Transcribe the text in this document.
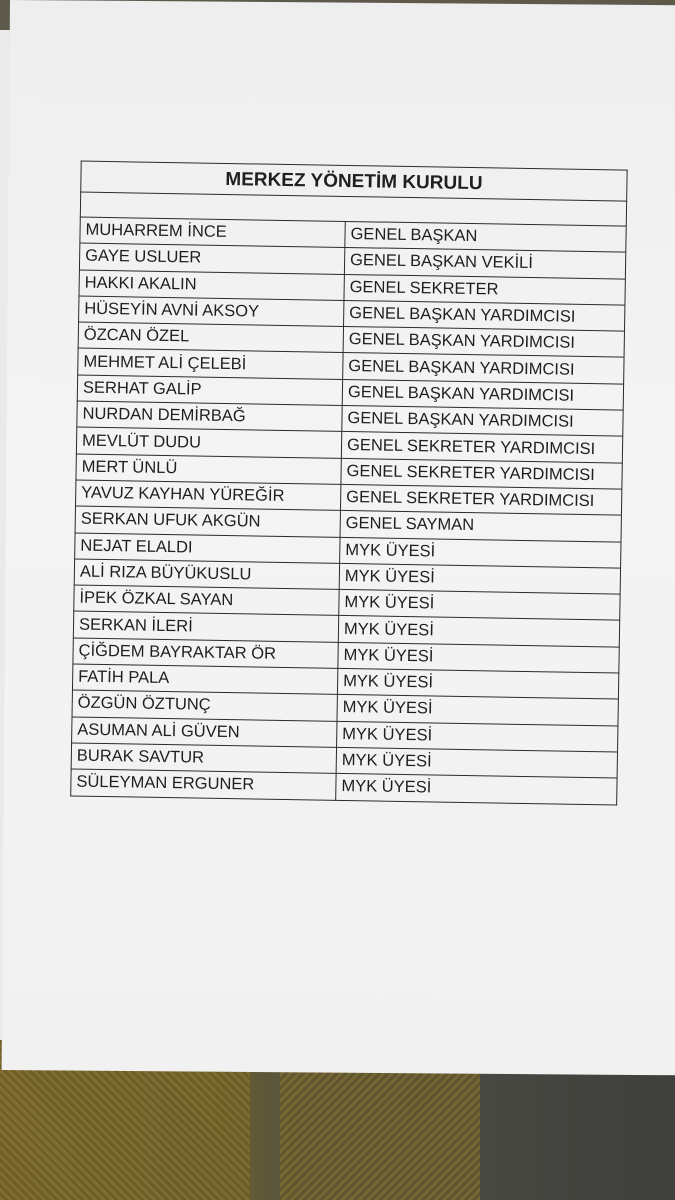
MERKEZ YÖNETİM KURULU	

MUHARREM İNCE	GENEL BAŞKAN
GAYE USLUER	GENEL BAŞKAN VEKİLİ
HAKKI AKALIN	GENEL SEKRETER
HÜSEYİN AVNİ AKSOY	GENEL BAŞKAN YARDIMCISI
ÖZCAN ÖZEL	GENEL BAŞKAN YARDIMCISI
MEHMET ALİ ÇELEBİ	GENEL BAŞKAN YARDIMCISI
SERHAT GALİP	GENEL BAŞKAN YARDIMCISI
NURDAN DEMİRBAĞ	GENEL BAŞKAN YARDIMCISI
MEVLÜT DUDU	GENEL SEKRETER YARDIMCISI
MERT ÜNLÜ	GENEL SEKRETER YARDIMCISI
YAVUZ KAYHAN YÜREĞİR	GENEL SEKRETER YARDIMCISI
SERKAN UFUK AKGÜN	GENEL SAYMAN
NEJAT ELALDI	MYK ÜYESİ
ALİ RIZA BÜYÜKUSLU	MYK ÜYESİ
İPEK ÖZKAL SAYAN	MYK ÜYESİ
SERKAN İLERİ	MYK ÜYESİ
ÇİĞDEM BAYRAKTAR ÖR	MYK ÜYESİ
FATİH PALA	MYK ÜYESİ
ÖZGÜN ÖZTUNÇ	MYK ÜYESİ
ASUMAN ALİ GÜVEN	MYK ÜYESİ
BURAK SAVTUR	MYK ÜYESİ
SÜLEYMAN ERGUNER	MYK ÜYESİ
